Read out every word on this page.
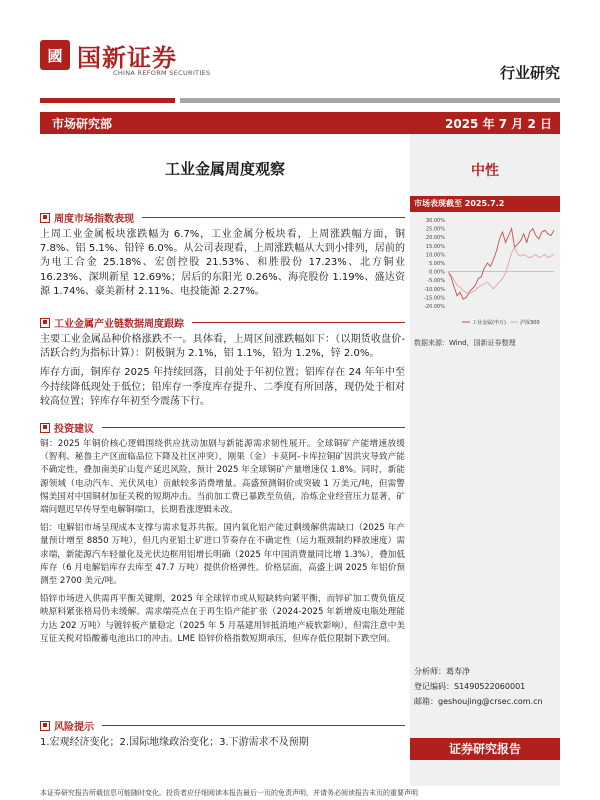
國 国新证券
CHINA REFORM SECURITIES	行业研究
市场研究部	2025 年 7 月 2 日
工业金属周度观察	中性
市场表现截至 2025.7.2
30.00%
25.00%
20.00%
15.00%
10.00%
5.00%
0.00%
-5.00%
-10.00%
-15.00%
-20.00%
工业金属(申万)	沪深300
数据来源：Wind，国新证券整理
分析师：葛寿净
登记编码：S1490522060001
邮箱：geshoujing@crsec.com.cn
证券研究报告
周度市场指数表现

上周工业金属板块涨跌幅为 6.7%，工业金属分板块看，上周涨跌幅方面，铜 7.8%、铝 5.1%、铅锌 6.0%。从公司表现看，上周涨跌幅从大到小排列，居前的为电工合金 25.18%、宏创控股 21.53%、和胜股份 17.23%、北方铜业 16.23%、深圳新星 12.69%；居后的东阳光 0.26%、海亮股份 1.19%、盛达资源 1.74%、豪美新材 2.11%、电投能源 2.27%。

工业金属产业链数据周度跟踪

主要工业金属品种价格涨跌不一。具体看，上周区间涨跌幅如下：（以期货收盘价-活跃合约为指标计算）：阴极铜为 2.1%，铝 1.1%，铅为 1.2%，锌 2.0%。

库存方面，铜库存 2025 年持续回落，目前处于年初位置；铝库存在 24 年年中至今持续降低现处于低位；铅库存一季度库存提升、二季度有所回落，现仍处于相对较高位置；锌库存年初至今震荡下行。

投资建议

铜：2025 年铜价核心逻辑围绕供应扰动加剧与新能源需求韧性展开。全球铜矿产能增速放缓（智利、秘鲁主产区面临品位下降及社区冲突），刚果（金）卡莫阿-卡库拉铜矿因洪灾导致产能不确定性，叠加南美矿山复产延迟风险，预计 2025 年全球铜矿产量增速仅 1.8%。同时，新能源领域（电动汽车、光伏风电）贡献较多消费增量。高盛预测铜价或突破 1 万美元/吨，但需警惕美国对中国铜材加征关税的短期冲击。当前加工费已暴跌至负值，冶炼企业经营压力显著，矿端问题迟早传导至电解铜端口，长期看涨逻辑未改。

铝：电解铝市场呈现成本支撑与需求复苏共振。国内氧化铝产能过剩缓解供需缺口（2025 年产量预计增至 8850 万吨），但几内亚铝土矿进口节奏存在不确定性（运力瓶颈制约释放速度）需求端，新能源汽车轻量化及光伏边框用铝增长明确（2025 年中国消费量同比增 1.3%），叠加低库存（6 月电解铝库存去库至 47.7 万吨）提供价格弹性。价格层面，高盛上调 2025 年铝价预测至 2700 美元/吨。

铅锌市场进入供需再平衡关键期，2025 年全球锌市或从短缺转向紧平衡，而锌矿加工费负值反映原料紧张格局仍未缓解。需求端亮点在于再生铅产能扩张（2024-2025 年新增废电瓶处理能力达 202 万吨）与镀锌板产量稳定（2025 年 5 月基建用锌抵消地产疲软影响），但需注意中美互征关税对铅酸蓄电池出口的冲击。LME 铅锌价格指数短期承压，但库存低位限制下跌空间。

风险提示

1.宏观经济变化；2.国际地缘政治变化；3.下游需求不及预期

本证券研究报告所载信息可能随时变化。投资者应仔细阅读本报告最后一页的免责声明，并请务必阅读报告末页的重要声明
